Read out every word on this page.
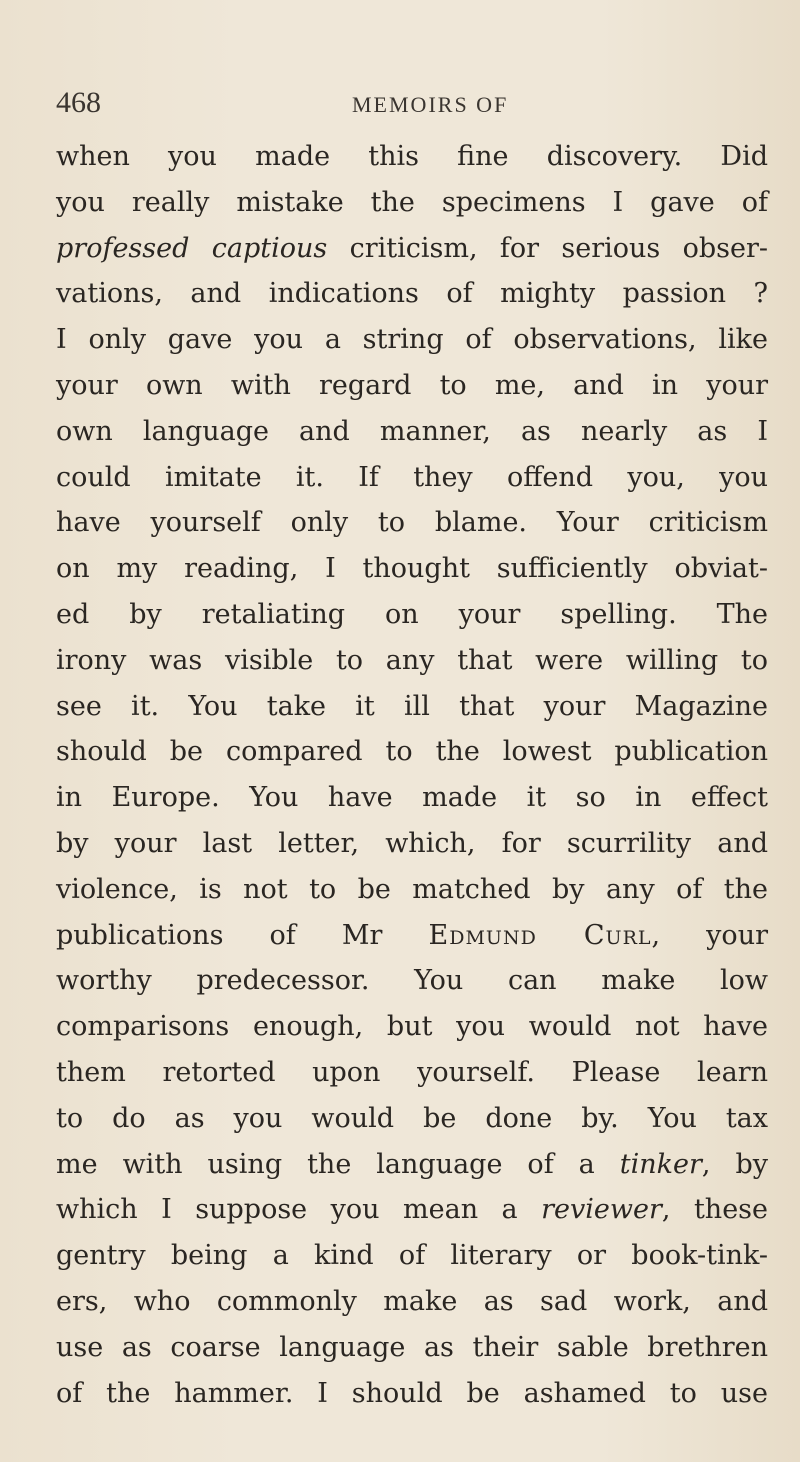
468	MEMOIRS OF
when you made this fine discovery. Did
you really mistake the specimens I gave of
professed captious criticism, for serious obser-
vations, and indications of mighty passion ?
I only gave you a string of observations, like
your own with regard to me, and in your
own language and manner, as nearly as I
could imitate it. If they offend you, you
have yourself only to blame. Your criticism
on my reading, I thought sufficiently obviat-
ed by retaliating on your spelling. The
irony was visible to any that were willing to
see it. You take it ill that your Magazine
should be compared to the lowest publication
in Europe. You have made it so in effect
by your last letter, which, for scurrility and
violence, is not to be matched by any of the
publications of Mr Edmund Curl, your
worthy predecessor. You can make low
comparisons enough, but you would not have
them retorted upon yourself. Please learn
to do as you would be done by. You tax
me with using the language of a tinker, by
which I suppose you mean a reviewer, these
gentry being a kind of literary or book-tink-
ers, who commonly make as sad work, and
use as coarse language as their sable brethren
of the hammer. I should be ashamed to use
